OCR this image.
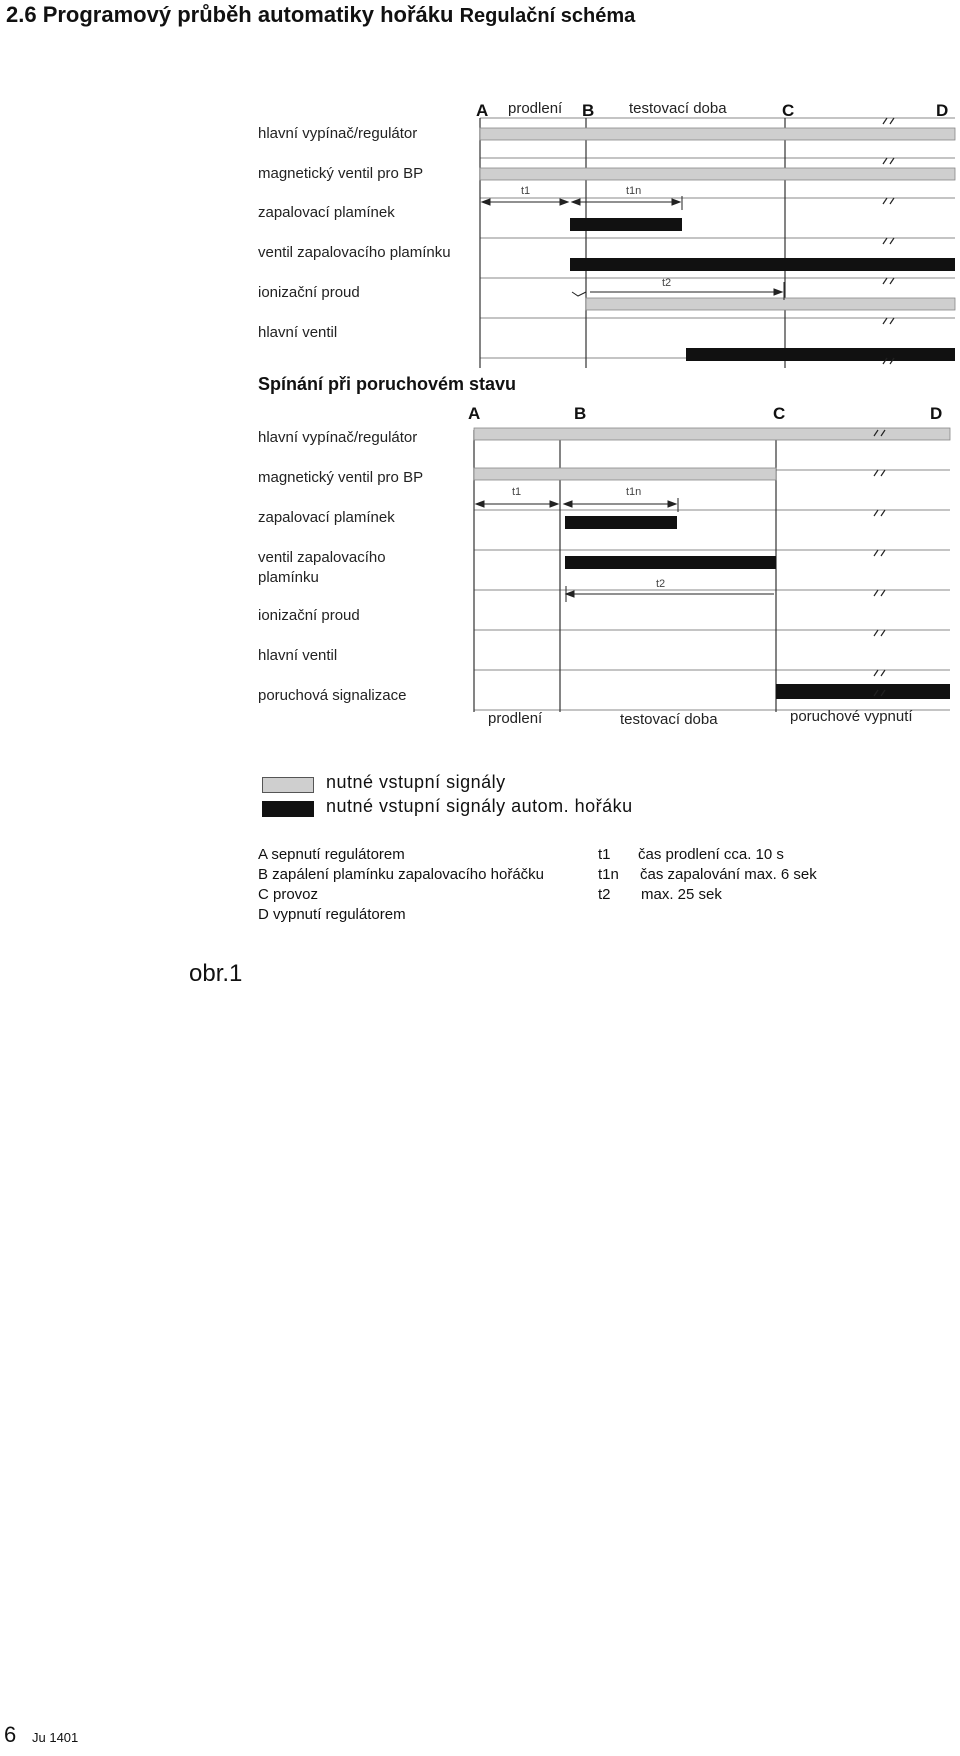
2.6 Programový průběh automatiky hořáku Regulační schéma
prodlení	testovací doba
A	B	C	D
hlavní vypínač/regulátor
magnetický ventil pro BP
zapalovací plamínek
ventil zapalovacího plamínku
ionizační proud
hlavní ventil
t1	t1n
t2
Spínání při poruchovém stavu
A	B	C	D
hlavní vypínač/regulátor
magnetický ventil pro BP
zapalovací plamínek
ventil zapalovacího
plamínku
ionizační proud
hlavní ventil
poruchová signalizace
t1	t1n
t2
prodlení	testovací doba	poruchové vypnutí
nutné vstupní signály
nutné vstupní signály autom. hořáku
A sepnutí regulátorem
B zapálení plamínku zapalovacího hořáčku
C provoz
D vypnutí regulátorem
t1 čas prodlení cca. 10 s
t1n čas zapalování max. 6 sek
t2 max. 25 sek
obr.1
6 Ju 1401
